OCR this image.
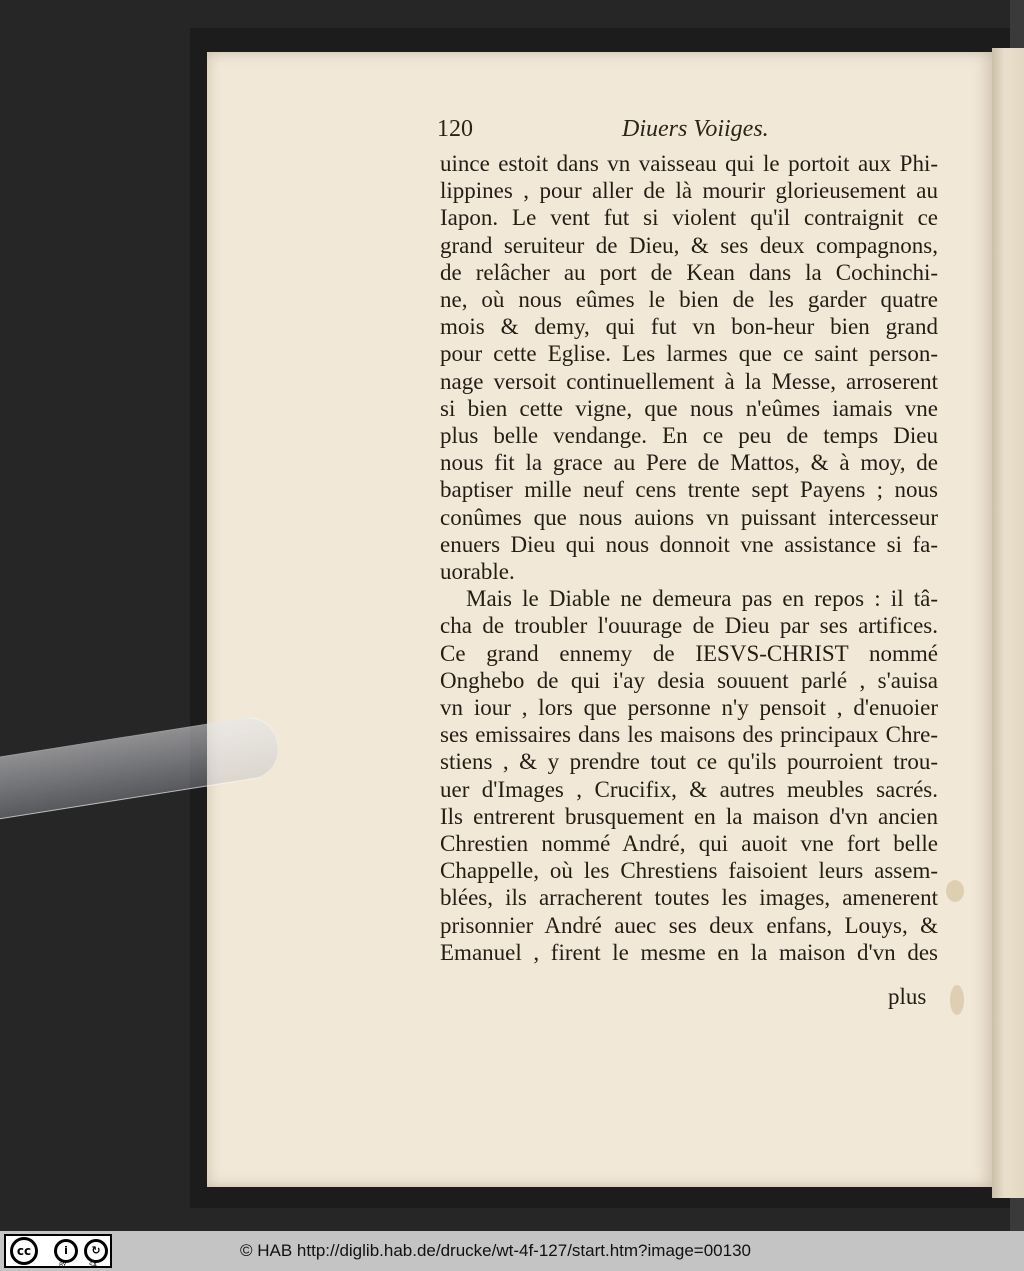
120	Diuers Voiiges.
uince estoit dans vn vaisseau qui le portoit aux Phi-
lippines , pour aller de là mourir glorieusement au
Iapon. Le vent fut si violent qu'il contraignit ce
grand seruiteur de Dieu, & ses deux compagnons,
de relâcher au port de Kean dans la Cochinchi-
ne, où nous eûmes le bien de les garder quatre
mois & demy, qui fut vn bon-heur bien grand
pour cette Eglise. Les larmes que ce saint person-
nage versoit continuellement à la Messe, arroserent
si bien cette vigne, que nous n'eûmes iamais vne
plus belle vendange. En ce peu de temps Dieu
nous fit la grace au Pere de Mattos, & à moy, de
baptiser mille neuf cens trente sept Payens ; nous
conûmes que nous auions vn puissant intercesseur
enuers Dieu qui nous donnoit vne assistance si fa-
uorable.
Mais le Diable ne demeura pas en repos : il tâ-
cha de troubler l'ouurage de Dieu par ses artifices.
Ce grand ennemy de IESVS-CHRIST nommé
Onghebo de qui i'ay desia souuent parlé , s'auisa
vn iour , lors que personne n'y pensoit , d'enuoier
ses emissaires dans les maisons des principaux Chre-
stiens , & y prendre tout ce qu'ils pourroient trou-
uer d'Images , Crucifix, & autres meubles sacrés.
Ils entrerent brusquement en la maison d'vn ancien
Chrestien nommé André, qui auoit vne fort belle
Chappelle, où les Chrestiens faisoient leurs assem-
blées, ils arracherent toutes les images, amenerent
prisonnier André auec ses deux enfans, Louys, &
Emanuel , firent le mesme en la maison d'vn des
plus
cc	i	↻
BY	SA
© HAB http://diglib.hab.de/drucke/wt-4f-127/start.htm?image=00130
